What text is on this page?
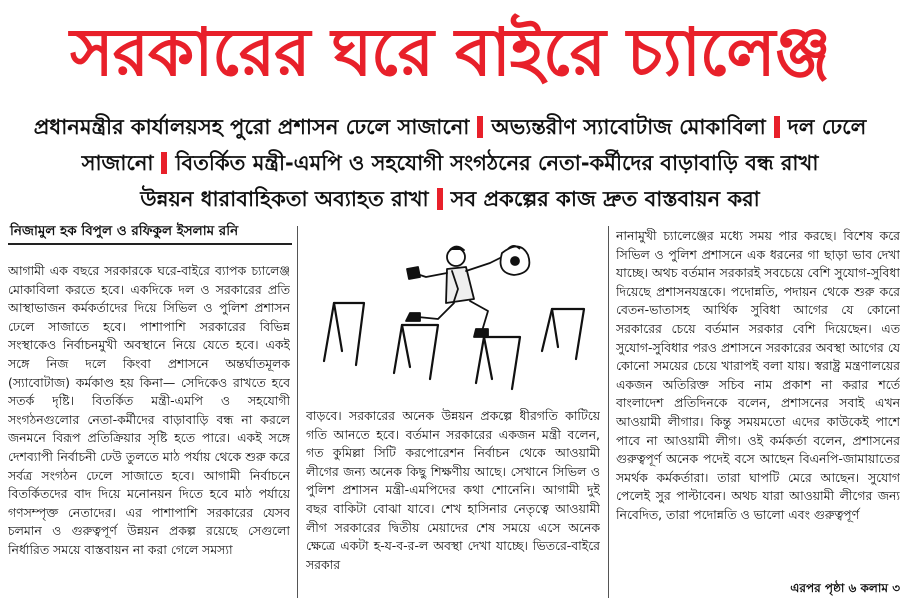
সরকারের ঘরে বাইরে চ্যালেঞ্জ
প্রধানমন্ত্রীর কার্যালয়সহ পুরো প্রশাসন ঢেলে সাজানো অভ্যন্তরীণ স্যাবোটাজ মোকাবিলা দল ঢেলে
সাজানো বিতর্কিত মন্ত্রী-এমপি ও সহযোগী সংগঠনের নেতা-কর্মীদের বাড়াবাড়ি বন্ধ রাখা
উন্নয়ন ধারাবাহিকতা অব্যাহত রাখা সব প্রকল্পের কাজ দ্রুত বাস্তবায়ন করা
নিজামুল হক বিপুল ও রফিকুল ইসলাম রনি

আগামী এক বছরে সরকারকে ঘরে-বাইরে ব্যাপক চ্যালেঞ্জ মোকাবিলা করতে হবে। একদিকে দল ও সরকারের প্রতি আস্থাভাজন কর্মকর্তাদের দিয়ে সিভিল ও পুলিশ প্রশাসন ঢেলে সাজাতে হবে। পাশাপাশি সরকারের বিভিন্ন সংস্থাকেও নির্বাচনমুখী অবস্থানে নিয়ে যেতে হবে। একই সঙ্গে নিজ দলে কিংবা প্রশাসনে অন্তর্ঘাতমূলক (স্যাবোটাজ) কর্মকাণ্ড হয় কিনা— সেদিকেও রাখতে হবে সতর্ক দৃষ্টি। বিতর্কিত মন্ত্রী-এমপি ও সহযোগী সংগঠনগুলোর নেতা-কর্মীদের বাড়াবাড়ি বন্ধ না করলে জনমনে বিরূপ প্রতিক্রিয়ার সৃষ্টি হতে পারে। একই সঙ্গে দেশব্যাপী নির্বাচনী ঢেউ তুলতে মাঠ পর্যায় থেকে শুরু করে সর্বত্র সংগঠন ঢেলে সাজাতে হবে। আগামী নির্বাচনে বিতর্কিতদের বাদ দিয়ে মনোনয়ন দিতে হবে মাঠ পর্যায়ে গণসম্পৃক্ত নেতাদের। এর পাশাপাশি সরকারের যেসব চলমান ও গুরুত্বপূর্ণ উন্নয়ন প্রকল্প রয়েছে সেগুলো নির্ধারিত সময়ে বাস্তবায়ন না করা গেলে সমস্যা

বাড়বে। সরকারের অনেক উন্নয়ন প্রকল্পে ধীরগতি কাটিয়ে গতি আনতে হবে। বর্তমান সরকারের একজন মন্ত্রী বলেন, গত কুমিল্লা সিটি করপোরেশন নির্বাচন থেকে আওয়ামী লীগের জন্য অনেক কিছু শিক্ষণীয় আছে। সেখানে সিভিল ও পুলিশ প্রশাসন মন্ত্রী-এমপিদের কথা শোনেনি। আগামী দুই বছর বাকিটা বোঝা যাবে। শেখ হাসিনার নেতৃত্বে আওয়ামী লীগ সরকারের দ্বিতীয় মেয়াদের শেষ সময়ে এসে অনেক ক্ষেত্রে একটা হ-য-ব-র-ল অবস্থা দেখা যাচ্ছে। ভিতরে-বাইরে সরকার

নানামুখী চ্যালেঞ্জের মধ্যে সময় পার করছে। বিশেষ করে সিভিল ও পুলিশ প্রশাসনে এক ধরনের গা ছাড়া ভাব দেখা যাচ্ছে। অথচ বর্তমান সরকারই সবচেয়ে বেশি সুযোগ-সুবিধা দিয়েছে প্রশাসনযন্ত্রকে। পদোন্নতি, পদায়ন থেকে শুরু করে বেতন-ভাতাসহ আর্থিক সুবিধা আগের যে কোনো সরকারের চেয়ে বর্তমান সরকার বেশি দিয়েছেন। এত সুযোগ-সুবিধার পরও প্রশাসনে সরকারের অবস্থা আগের যে কোনো সময়ের চেয়ে খারাপই বলা যায়। স্বরাষ্ট্র মন্ত্রণালয়ের একজন অতিরিক্ত সচিব নাম প্রকাশ না করার শর্তে বাংলাদেশ প্রতিদিনকে বলেন, প্রশাসনের সবাই এখন আওয়ামী লীগার। কিন্তু সময়মতো এদের কাউকেই পাশে পাবে না আওয়ামী লীগ। ওই কর্মকর্তা বলেন, প্রশাসনের গুরুত্বপূর্ণ অনেক পদেই বসে আছেন বিএনপি-জামায়াতের সমর্থক কর্মকর্তারা। তারা ঘাপটি মেরে আছেন। সুযোগ পেলেই সুর পাল্টাবেন। অথচ যারা আওয়ামী লীগের জন্য নিবেদিত, তারা পদোন্নতি ও ভালো এবং গুরুত্বপূর্ণ

এরপর পৃষ্ঠা ৬ কলাম ৩
